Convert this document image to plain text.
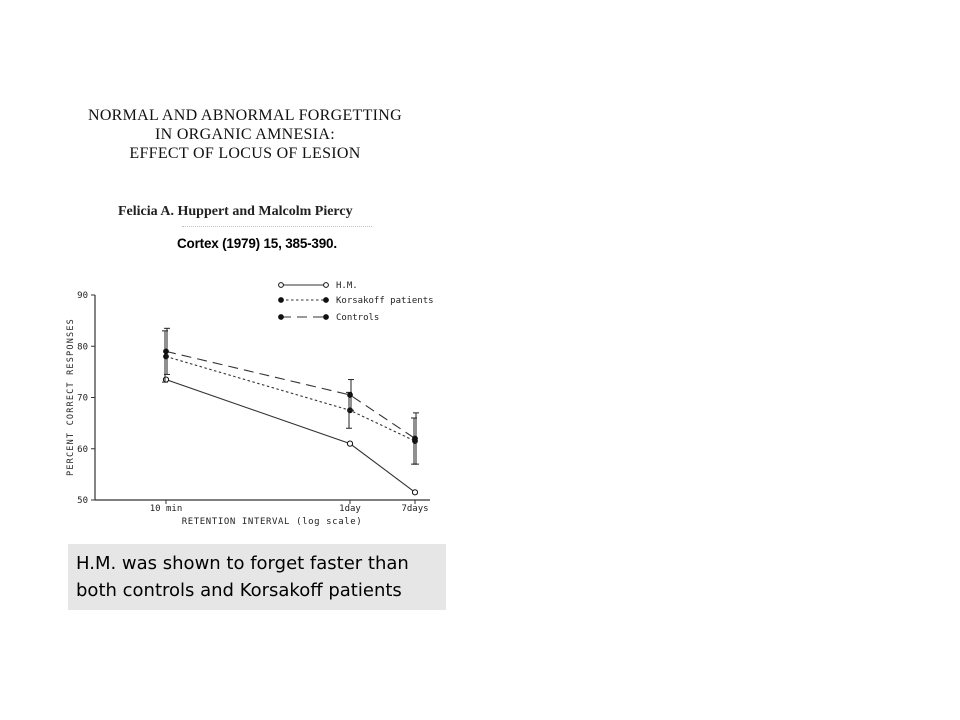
NORMAL AND ABNORMAL FORGETTING
IN ORGANIC AMNESIA:
EFFECT OF LOCUS OF LESION
Felicia A. Huppert and Malcolm Piercy
Cortex (1979) 15, 385-390.
50
60
70
80
90
10 min	1day	7days
PERCENT CORRECT RESPONSES
RETENTION INTERVAL (log scale)
H.M.
Korsakoff patients
Controls
H.M. was shown to forget faster than both controls and Korsakoff patients
